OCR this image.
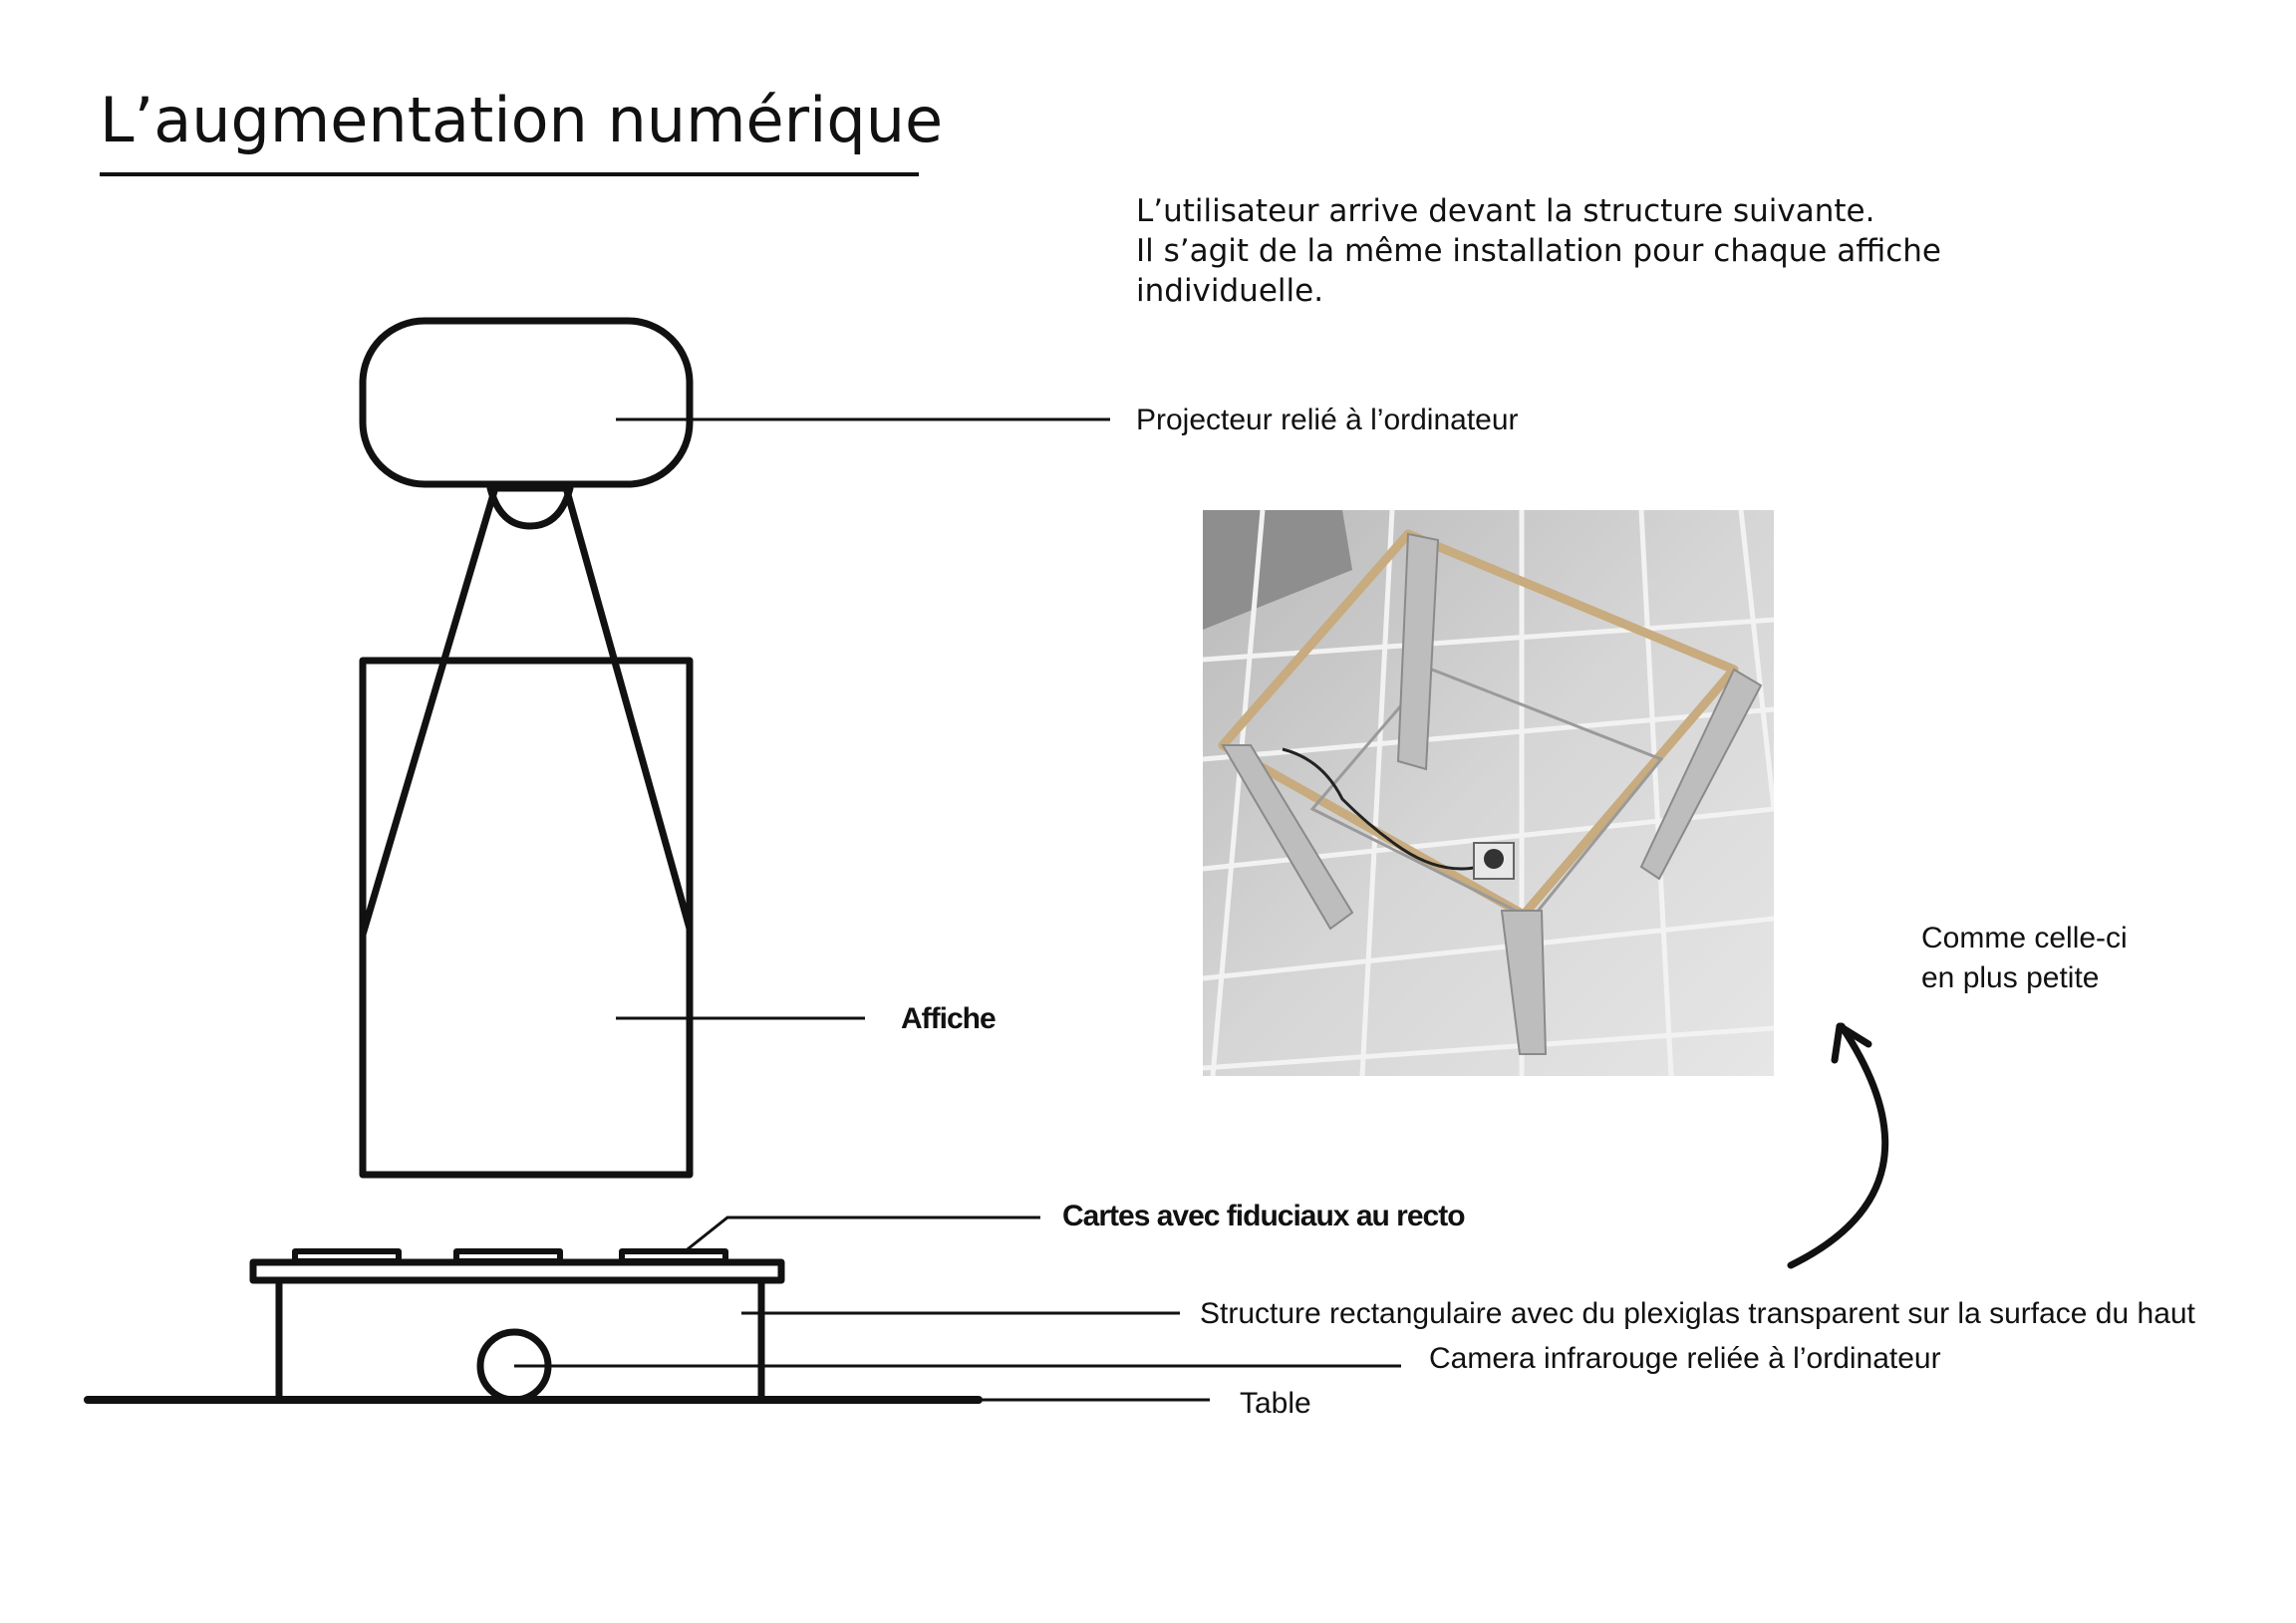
L’augmentation numérique
L’utilisateur arrive devant la structure suivante.
Il s’agit de la même installation pour chaque affiche
individuelle.
Projecteur relié à l’ordinateur
Affiche
Cartes avec fiduciaux au recto
Structure rectangulaire avec du plexiglas transparent sur la surface du haut
Camera infrarouge reliée à l’ordinateur
Table
Comme celle-ci
en plus petite
